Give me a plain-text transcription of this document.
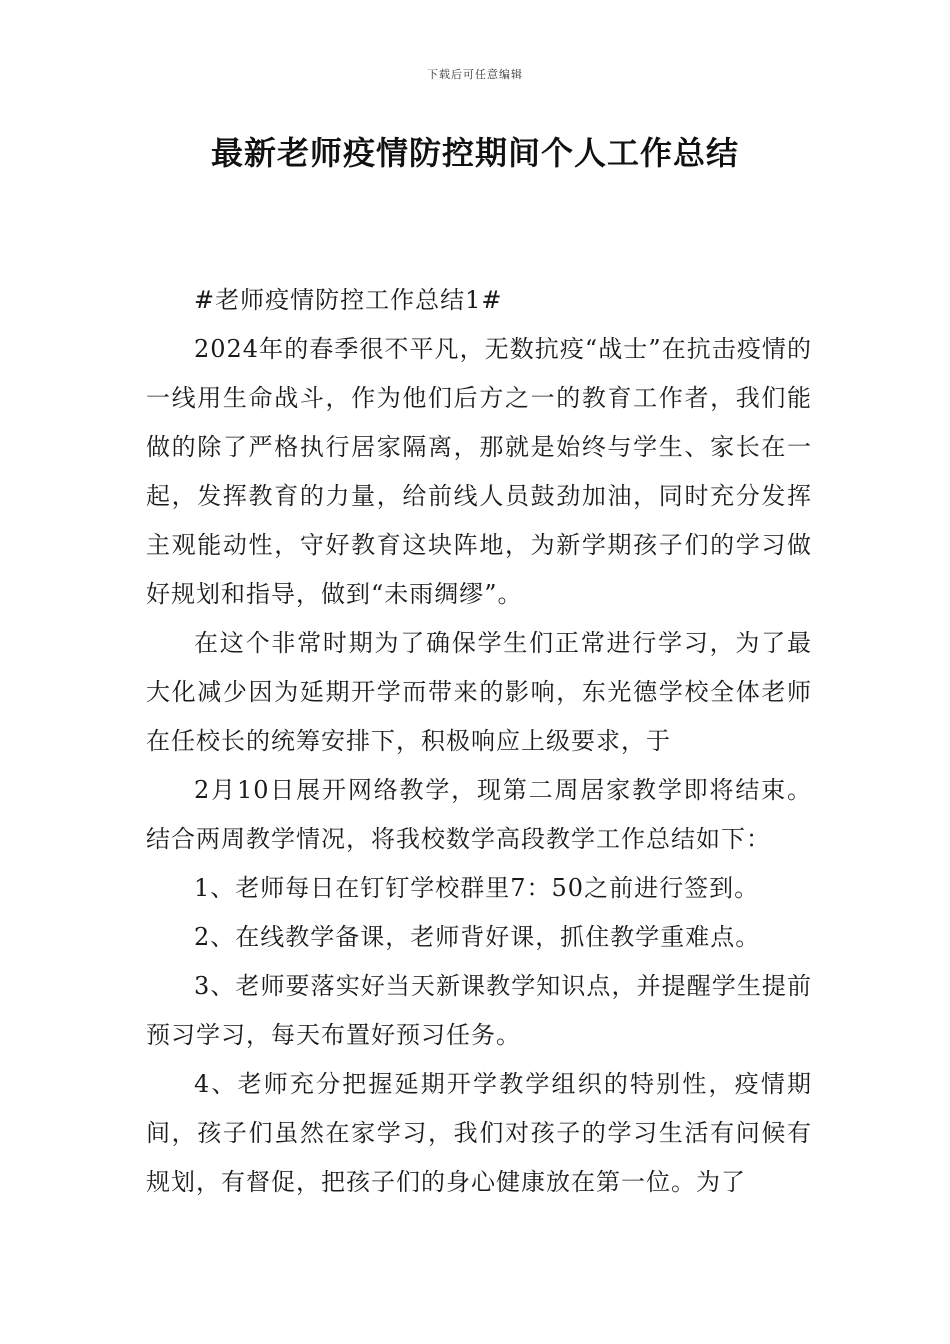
下载后可任意编辑
最新老师疫情防控期间个人工作总结

#老师疫情防控工作总结1#

2024年的春季很不平凡，无数抗疫“战士”在抗击疫情的一线用生命战斗，作为他们后方之一的教育工作者，我们能做的除了严格执行居家隔离，那就是始终与学生、家长在一起，发挥教育的力量，给前线人员鼓劲加油，同时充分发挥主观能动性，守好教育这块阵地，为新学期孩子们的学习做好规划和指导，做到“未雨绸缪”。

在这个非常时期为了确保学生们正常进行学习，为了最大化减少因为延期开学而带来的影响，东光德学校全体老师在任校长的统筹安排下，积极响应上级要求，于

2月10日展开网络教学，现第二周居家教学即将结束。结合两周教学情况，将我校数学高段教学工作总结如下：

1、老师每日在钉钉学校群里7：50之前进行签到。

2、在线教学备课，老师背好课，抓住教学重难点。

3、老师要落实好当天新课教学知识点，并提醒学生提前预习学习，每天布置好预习任务。

4、老师充分把握延期开学教学组织的特别性，疫情期间，孩子们虽然在家学习，我们对孩子的学习生活有问候有规划，有督促，把孩子们的身心健康放在第一位。为了
